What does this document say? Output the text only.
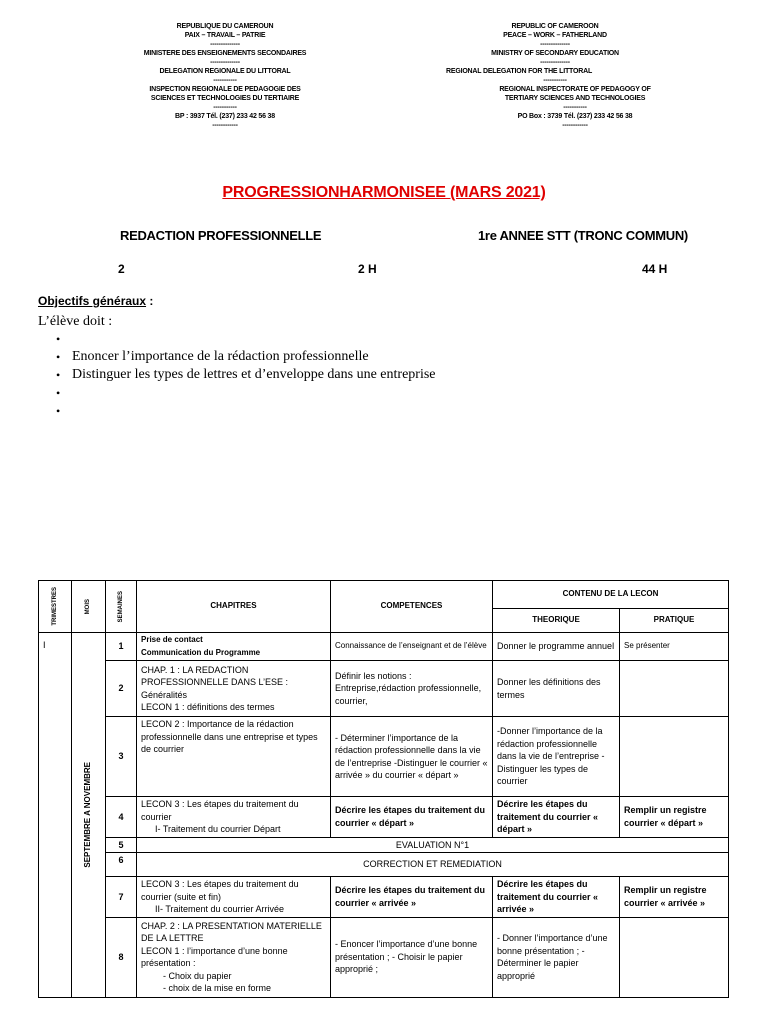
REPUBLIQUE DU CAMEROUN
PAIX – TRAVAIL – PATRIE
--------------
MINISTERE DES ENSEIGNEMENTS SECONDAIRES
--------------
DELEGATION REGIONALE DU LITTORAL
-----------
INSPECTION REGIONALE DE PEDAGOGIE DES
SCIENCES ET TECHNOLOGIES DU TERTIAIRE
-----------
BP : 3937 Tél. (237) 233 42 56 38
------------
REPUBLIC OF CAMEROON
PEACE – WORK – FATHERLAND
--------------
MINISTRY OF SECONDARY EDUCATION
--------------
REGIONAL DELEGATION FOR THE LITTORAL
-----------
REGIONAL INSPECTORATE OF PEDAGOGY OF
TERTIARY SCIENCES AND TECHNOLOGIES
-----------
PO Box : 3739 Tél. (237) 233 42 56 38
------------
PROGRESSIONHARMONISEE (MARS 2021)
REDACTION PROFESSIONNELLE	1re ANNEE STT (TRONC COMMUN)
2	2 H	44 H
Objectifs généraux :
L’élève doit :
•
• Enoncer l’importance de la rédaction professionnelle
• Distinguer les types de lettres et d’enveloppe dans une entreprise
•
•
TRIMESTRES	MOIS	SEMAINES	CHAPITRES	COMPETENCES	CONTENU DE LA LECON	
					THEORIQUE	PRATIQUE
I	SEPTEMBRE A NOVEMBRE	1	Prise de contact
Communication du Programme	Connaissance de l’enseignant et de l’élève	Donner le programme annuel	Se présenter
		2	CHAP. 1 : LA REDACTION PROFESSIONNELLE DANS L’ESE :
Généralités
LECON 1 : définitions des termes	Définir les notions : Entreprise,rédaction professionnelle, courrier,	Donner les définitions des termes	
		3	LECON 2 : Importance de la rédaction professionnelle dans une entreprise et types de courrier	- Déterminer l’importance de la rédaction professionnelle dans la vie de l’entreprise -Distinguer le courrier « arrivée » du courrier « départ »	-Donner l’importance de la rédaction professionnelle dans la vie de l’entreprise - Distinguer les types de courrier	
		4	LECON 3 : Les étapes du traitement du courrier
I- Traitement du courrier Départ	Décrire les étapes du traitement du courrier « départ »	Décrire les étapes du traitement du courrier « départ »	Remplir un registre courrier « départ »
		5	EVALUATION N°1			
		6	CORRECTION ET REMEDIATION			
		7	LECON 3 : Les étapes du traitement du courrier (suite et fin)
II- Traitement du courrier Arrivée	Décrire les étapes du traitement du courrier « arrivée »	Décrire les étapes du traitement du courrier « arrivée »	Remplir un registre courrier « arrivée »
		8	CHAP. 2 : LA PRESENTATION MATERIELLE DE LA LETTRE
LECON 1 : l’importance d’une bonne présentation :
- Choix du papier
- choix de la mise en forme	- Enoncer l’importance d’une bonne présentation ; - Choisir le papier approprié ;	- Donner l’importance d’une bonne présentation ; - Déterminer le papier approprié	
